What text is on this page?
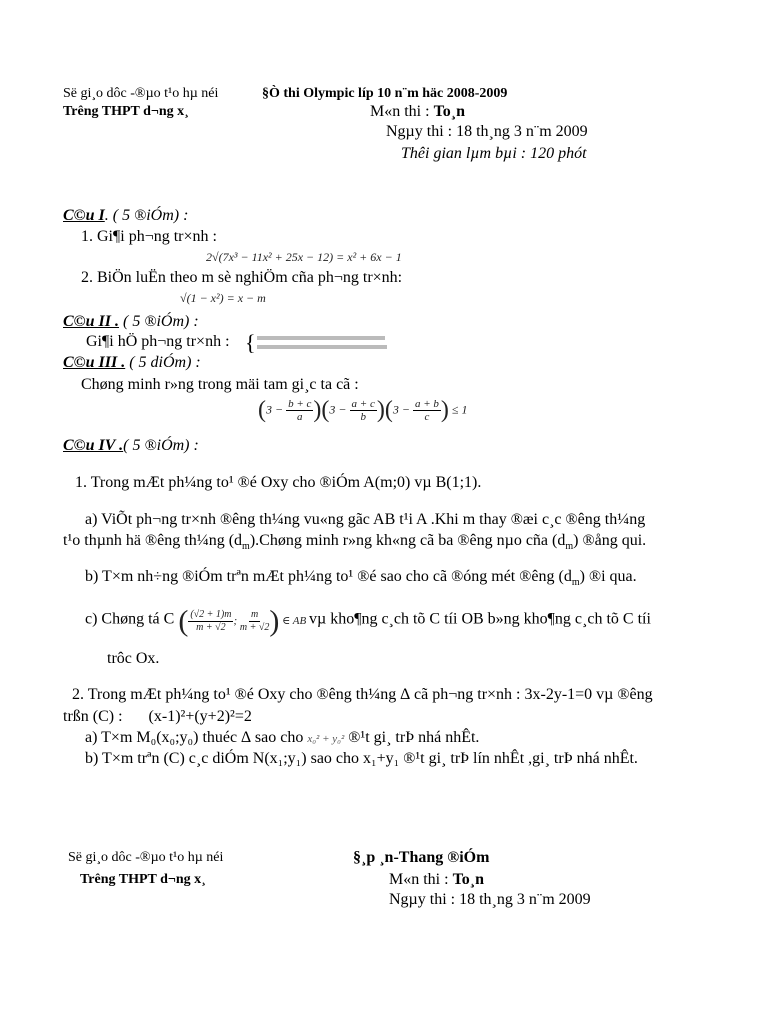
Së gi¸o dôc -®µo t¹o hµ néi
Trêng THPT d¬ng x¸
§Ò thi Olympic líp 10 n¨m häc 2008-2009
M«n thi : To¸n
Ngµy thi : 18 th¸ng 3 n¨m 2009
Thêi gian lµm bµi : 120 phót
C©u I. ( 5 ®iÓm) :
1. Gi¶i ph¬ng tr×nh :
2√(7x³ − 11x² + 25x − 12) = x² + 6x − 1
2. BiÖn luËn theo m sè nghiÖm cña ph¬ng tr×nh:
√(1 − x²) = x − m
C©u II . ( 5 ®iÓm) :
Gi¶i hÖ ph¬ng tr×nh : {
C©u III . ( 5 diÓm) :
Chøng minh r»ng trong mäi tam gi¸c ta cã :
$(3 - \frac{b + c}{a} )(3 - \frac{a + c}{b} )(3 - \frac{a + b}{c}$ ) ≤ 1
C©u IV .( 5 ®iÓm) :
1. Trong mÆt ph¼ng to¹ ®é Oxy cho ®iÓm A(m;0) vµ B(1;1).
a) ViÕt ph¬ng tr×nh ®êng th¼ng vu«ng gãc AB t¹i A .Khi m thay ®æi c¸c ®êng th¼ng
t¹o thµnh hä ®êng th¼ng $(d_m).Chøng$ minh r»ng kh«ng cã ba ®êng nµo cña $(d_m)$ ®ång qui.
b) T×m nh÷ng ®iÓm trªn mÆt ph¼ng to¹ ®é sao cho cã ®óng mét ®êng $(d_m)$ ®i qua.
c) Chøng tá C ( $\frac{(√2 + 1)m}{m + √2}$ ; $\frac{m}{m + √2}$ ) ∈ AB vµ kho¶ng c¸ch tõ C tíi OB b»ng kho¶ng c¸ch tõ C tíi
trôc Ox.
2. Trong mÆt ph¼ng to¹ ®é Oxy cho ®êng th¼ng ∆ cã ph¬ng tr×nh : 3x-2y-1=0 vµ ®êng
trßn (C) : (x-1)²+(y+2)²=2
a) T×m M₀(x₀;y₀) thuéc ∆ sao cho x₀² + y₀² ®¹t gi¸ trÞ nhá nhÊt.
b) T×m trªn (C) c¸c diÓm N(x₁;y₁) sao cho x₁+y₁ ®¹t gi¸ trÞ lín nhÊt ,gi¸ trÞ nhá nhÊt.
Së gi¸o dôc -®µo t¹o hµ néi
Trêng THPT d¬ng x¸
§¸p ¸n-Thang ®iÓm
M«n thi : To¸n
Ngµy thi : 18 th¸ng 3 n¨m 2009
